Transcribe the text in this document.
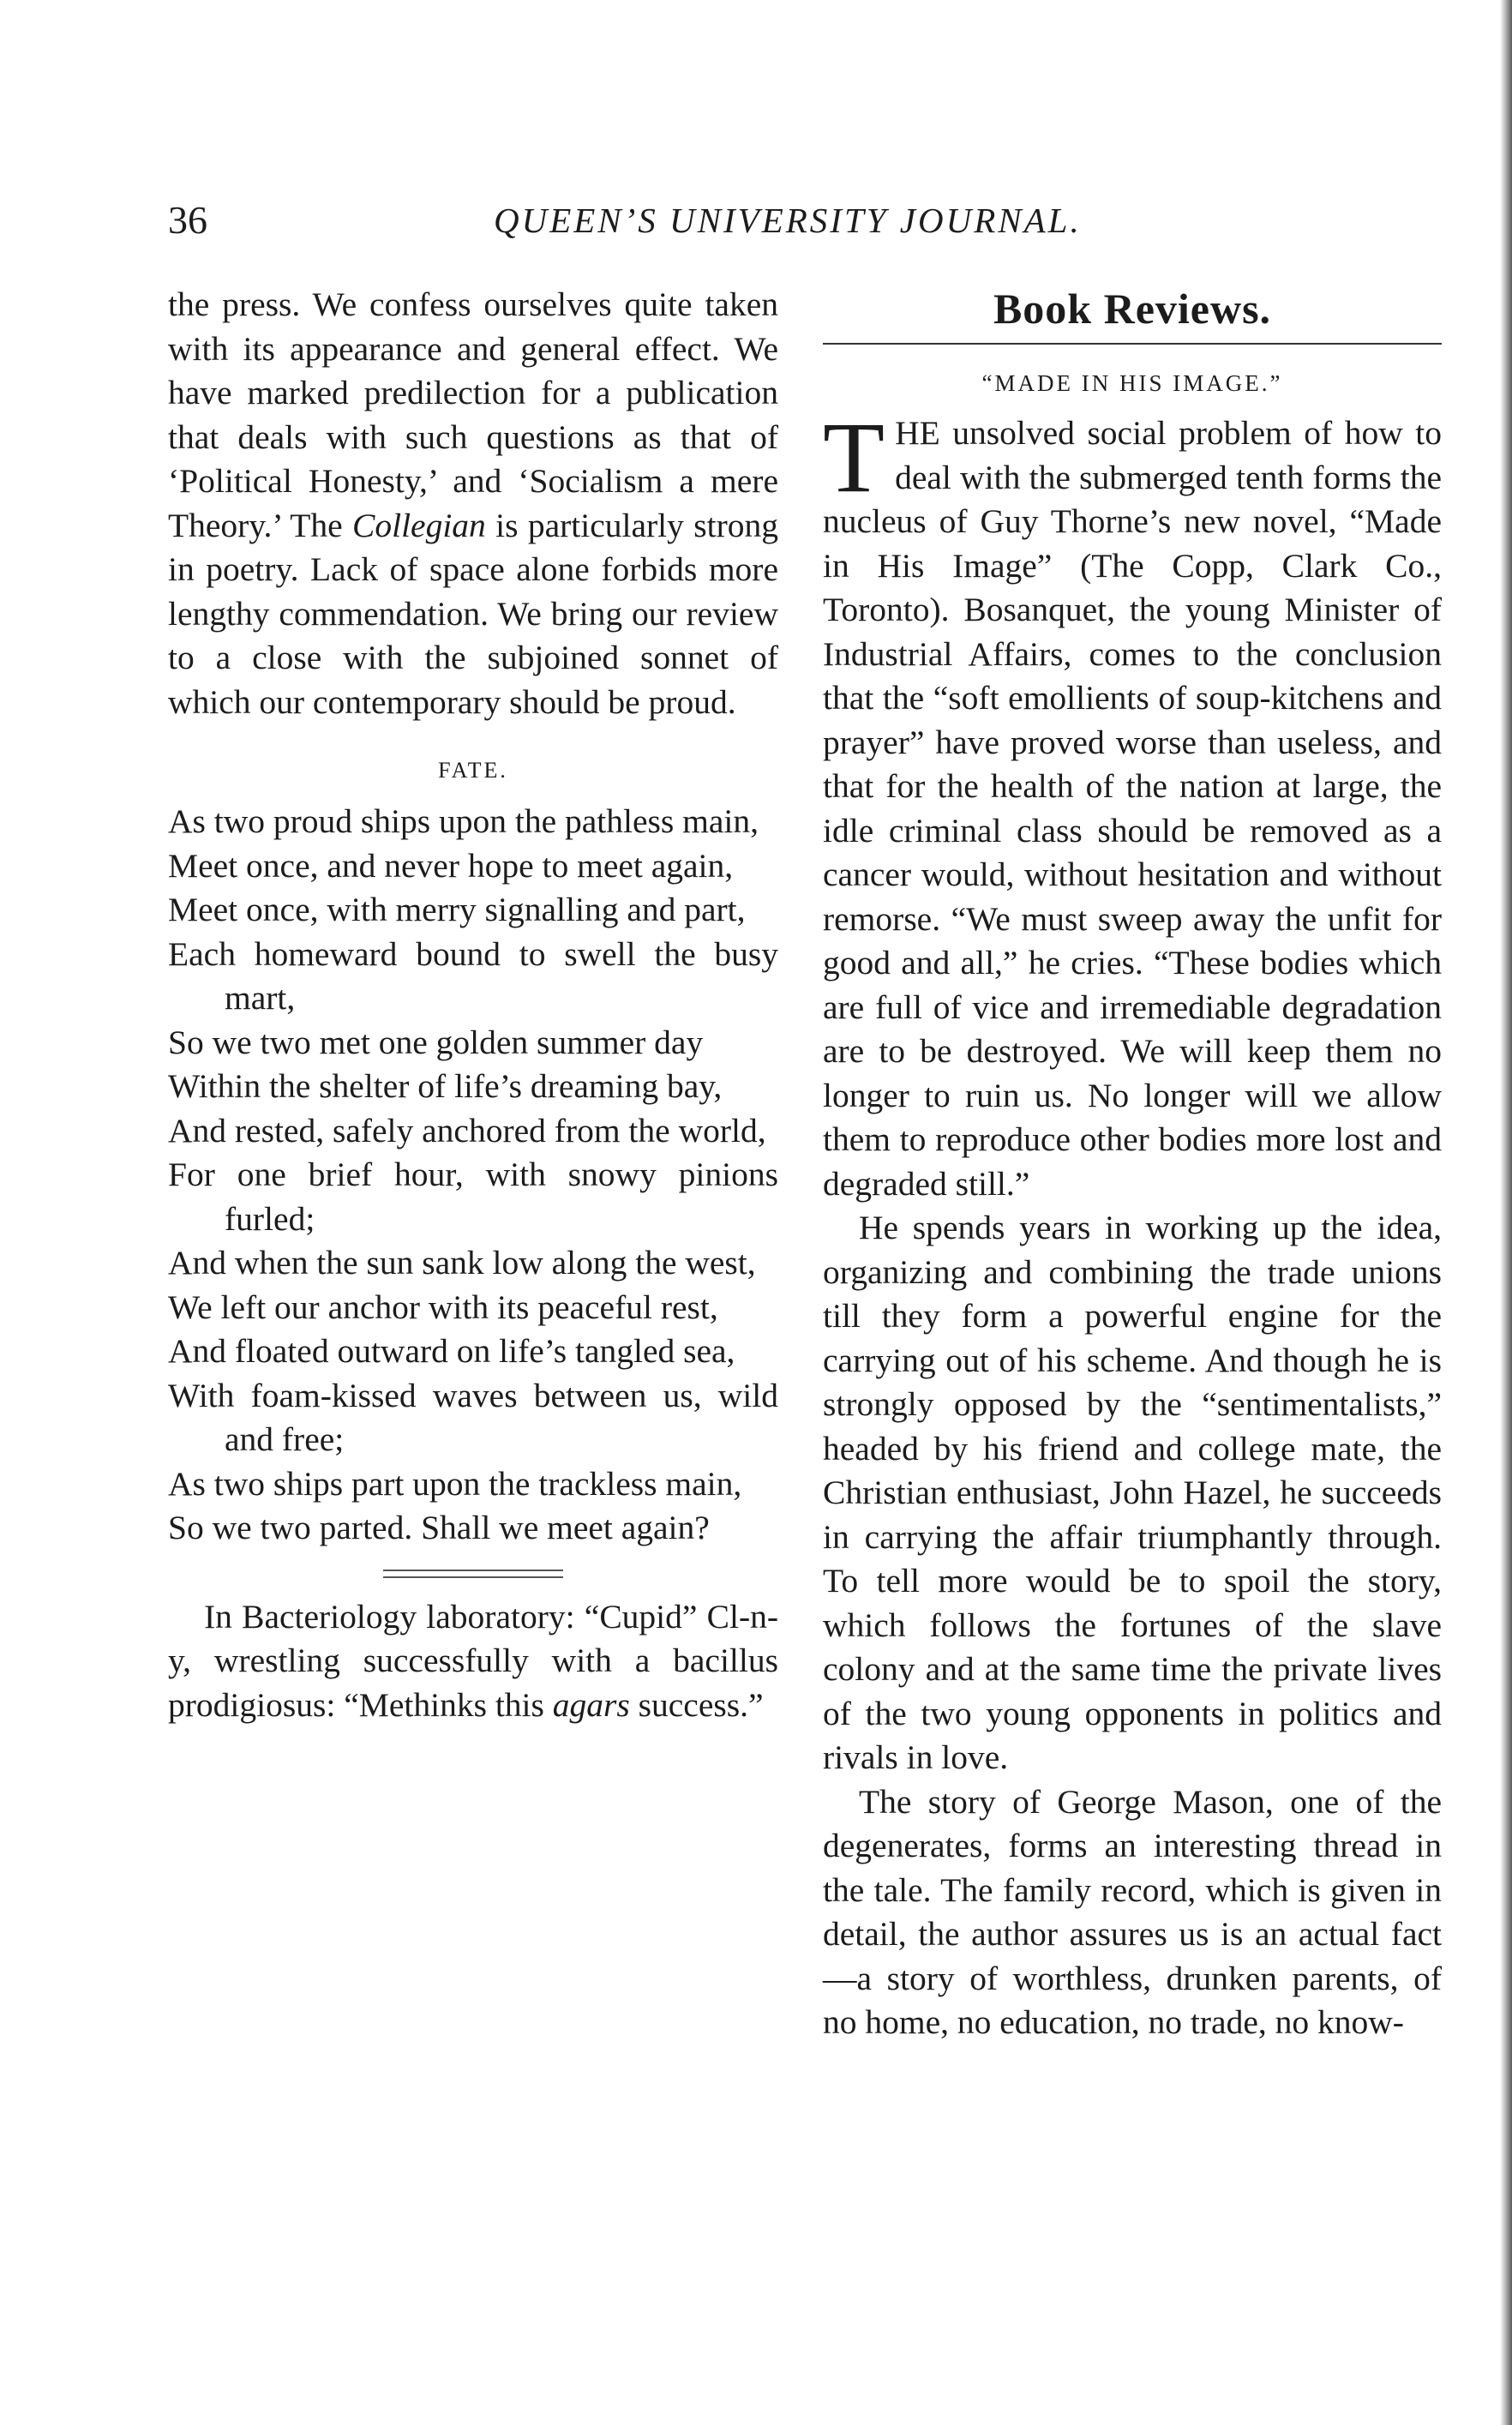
36	QUEEN’S UNIVERSITY JOURNAL.

the press. We confess ourselves quite taken with its appearance and general effect. We have marked predilection for a publication that deals with such questions as that of ‘Political Honesty,’ and ‘Socialism a mere Theory.’ The Collegian is particularly strong in poetry. Lack of space alone forbids more lengthy commendation. We bring our review to a close with the subjoined sonnet of which our contemporary should be proud.

FATE.

As two proud ships upon the pathless main,

Meet once, and never hope to meet again,

Meet once, with merry signalling and part,

Each homeward bound to swell the busy mart,

So we two met one golden summer day

Within the shelter of life’s dreaming bay,

And rested, safely anchored from the world,

For one brief hour, with snowy pinions furled;

And when the sun sank low along the west,

We left our anchor with its peaceful rest,

And floated outward on life’s tangled sea,

With foam-kissed waves between us, wild and free;

As two ships part upon the trackless main,

So we two parted. Shall we meet again?

In Bacteriology laboratory: “Cupid” Cl-n-y, wrestling successfully with a bacillus prodigiosus: “Methinks this agars success.”

Book Reviews.
“MADE IN HIS IMAGE.”

THE unsolved social problem of how to deal with the submerged tenth forms the nucleus of Guy Thorne’s new novel, “Made in His Image” (The Copp, Clark Co., Toronto). Bosanquet, the young Minister of Industrial Affairs, comes to the conclusion that the “soft emollients of soup-kitchens and prayer” have proved worse than useless, and that for the health of the nation at large, the idle criminal class should be removed as a cancer would, without hesitation and without remorse. “We must sweep away the unfit for good and all,” he cries. “These bodies which are full of vice and irremediable degradation are to be destroyed. We will keep them no longer to ruin us. No longer will we allow them to reproduce other bodies more lost and degraded still.”

He spends years in working up the idea, organizing and combining the trade unions till they form a powerful engine for the carrying out of his scheme. And though he is strongly opposed by the “sentimentalists,” headed by his friend and college mate, the Christian enthusiast, John Hazel, he succeeds in carrying the affair triumphantly through. To tell more would be to spoil the story, which follows the fortunes of the slave colony and at the same time the private lives of the two young opponents in politics and rivals in love.

The story of George Mason, one of the degenerates, forms an interesting thread in the tale. The family record, which is given in detail, the author assures us is an actual fact—a story of worthless, drunken parents, of no home, no education, no trade, no know-
